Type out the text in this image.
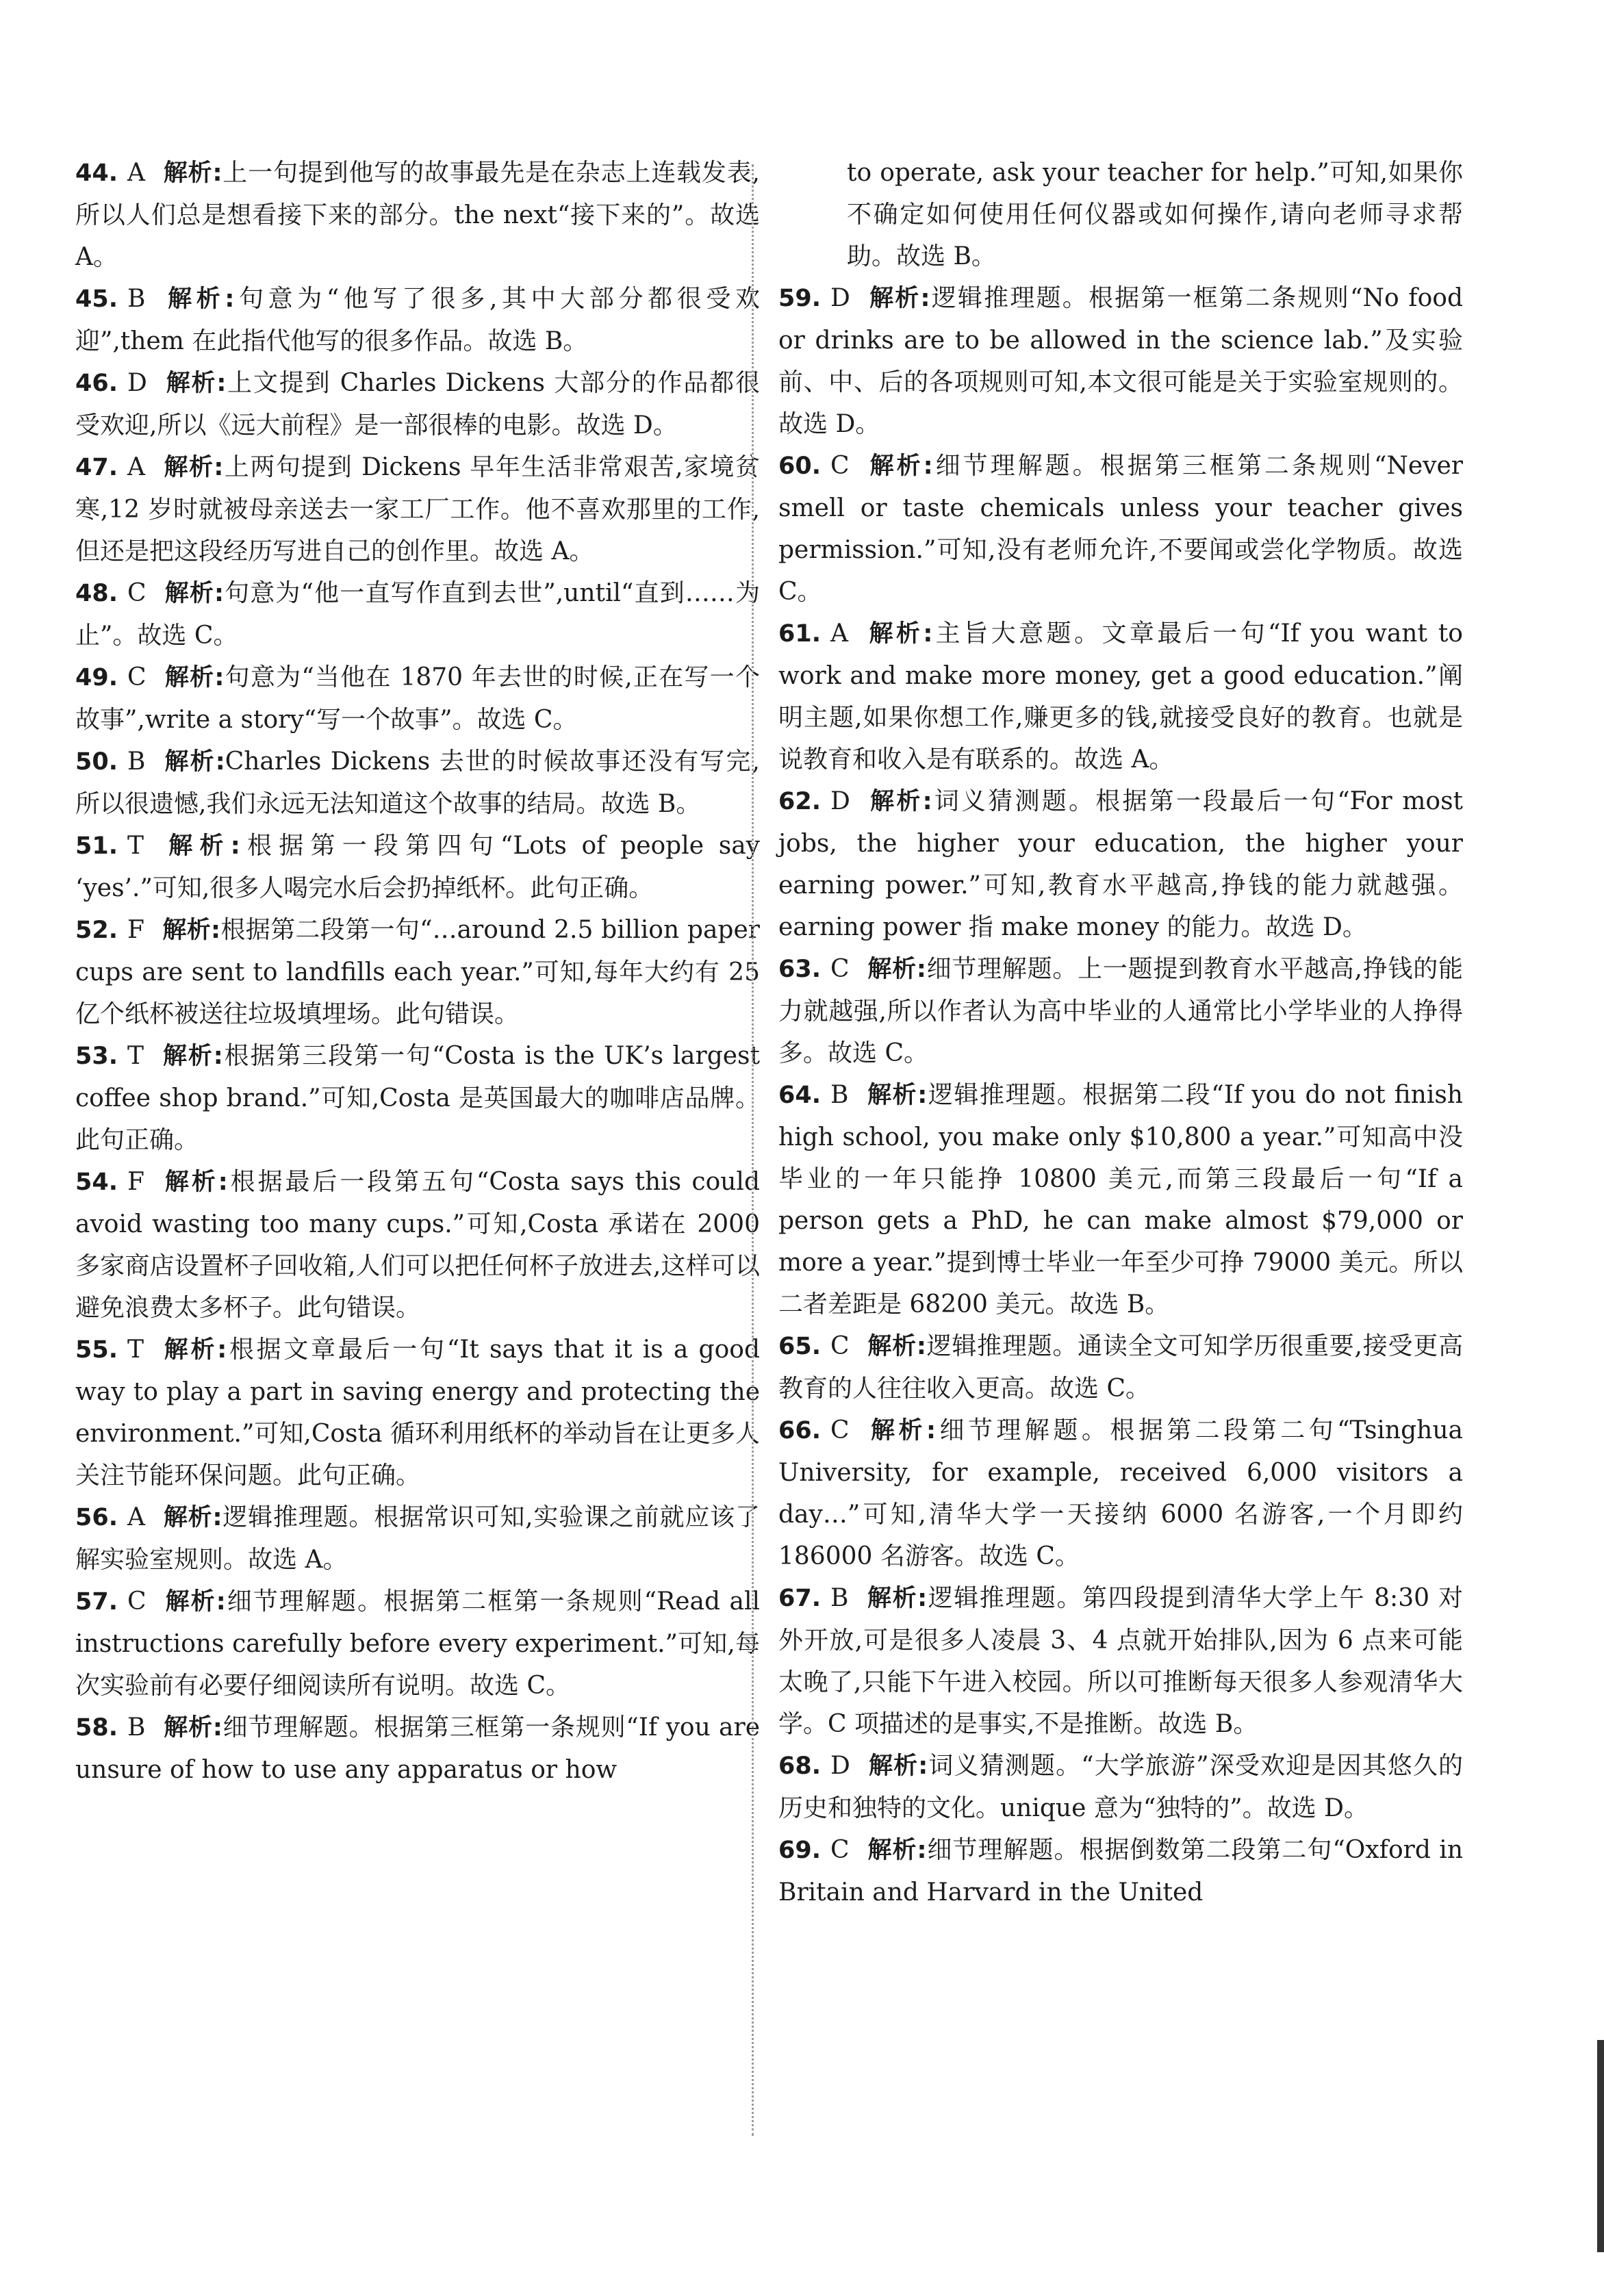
44. A 解析:上一句提到他写的故事最先是在杂志上连载发表,所以人们总是想看接下来的部分。the next“接下来的”。故选 A。
45. B 解析:句意为“他写了很多,其中大部分都很受欢迎”,them 在此指代他写的很多作品。故选 B。
46. D 解析:上文提到 Charles Dickens 大部分的作品都很受欢迎,所以《远大前程》是一部很棒的电影。故选 D。
47. A 解析:上两句提到 Dickens 早年生活非常艰苦,家境贫寒,12 岁时就被母亲送去一家工厂工作。他不喜欢那里的工作,但还是把这段经历写进自己的创作里。故选 A。
48. C 解析:句意为“他一直写作直到去世”,until“直到……为止”。故选 C。
49. C 解析:句意为“当他在 1870 年去世的时候,正在写一个故事”,write a story“写一个故事”。故选 C。
50. B 解析:Charles Dickens 去世的时候故事还没有写完,所以很遗憾,我们永远无法知道这个故事的结局。故选 B。
51. T 解析:根据第一段第四句“Lots of people say ‘yes’.”可知,很多人喝完水后会扔掉纸杯。此句正确。
52. F 解析:根据第二段第一句“…around 2.5 billion paper cups are sent to landfills each year.”可知,每年大约有 25 亿个纸杯被送往垃圾填埋场。此句错误。
53. T 解析:根据第三段第一句“Costa is the UK’s largest coffee shop brand.”可知,Costa 是英国最大的咖啡店品牌。此句正确。
54. F 解析:根据最后一段第五句“Costa says this could avoid wasting too many cups.”可知,Costa 承诺在 2000 多家商店设置杯子回收箱,人们可以把任何杯子放进去,这样可以避免浪费太多杯子。此句错误。
55. T 解析:根据文章最后一句“It says that it is a good way to play a part in saving energy and protecting the environment.”可知,Costa 循环利用纸杯的举动旨在让更多人关注节能环保问题。此句正确。
56. A 解析:逻辑推理题。根据常识可知,实验课之前就应该了解实验室规则。故选 A。
57. C 解析:细节理解题。根据第二框第一条规则“Read all instructions carefully before every experiment.”可知,每次实验前有必要仔细阅读所有说明。故选 C。
58. B 解析:细节理解题。根据第三框第一条规则“If you are unsure of how to use any apparatus or how
to operate, ask your teacher for help.”可知,如果你不确定如何使用任何仪器或如何操作,请向老师寻求帮助。故选 B。
59. D 解析:逻辑推理题。根据第一框第二条规则“No food or drinks are to be allowed in the science lab.”及实验前、中、后的各项规则可知,本文很可能是关于实验室规则的。故选 D。
60. C 解析:细节理解题。根据第三框第二条规则“Never smell or taste chemicals unless your teacher gives permission.”可知,没有老师允许,不要闻或尝化学物质。故选 C。
61. A 解析:主旨大意题。文章最后一句“If you want to work and make more money, get a good education.”阐明主题,如果你想工作,赚更多的钱,就接受良好的教育。也就是说教育和收入是有联系的。故选 A。
62. D 解析:词义猜测题。根据第一段最后一句“For most jobs, the higher your education, the higher your earning power.”可知,教育水平越高,挣钱的能力就越强。earning power 指 make money 的能力。故选 D。
63. C 解析:细节理解题。上一题提到教育水平越高,挣钱的能力就越强,所以作者认为高中毕业的人通常比小学毕业的人挣得多。故选 C。
64. B 解析:逻辑推理题。根据第二段“If you do not finish high school, you make only $10,800 a year.”可知高中没毕业的一年只能挣 10800 美元,而第三段最后一句“If a person gets a PhD, he can make almost $79,000 or more a year.”提到博士毕业一年至少可挣 79000 美元。所以二者差距是 68200 美元。故选 B。
65. C 解析:逻辑推理题。通读全文可知学历很重要,接受更高教育的人往往收入更高。故选 C。
66. C 解析:细节理解题。根据第二段第二句“Tsinghua University, for example, received 6,000 visitors a day…”可知,清华大学一天接纳 6000 名游客,一个月即约 186000 名游客。故选 C。
67. B 解析:逻辑推理题。第四段提到清华大学上午 8:30 对外开放,可是很多人凌晨 3、4 点就开始排队,因为 6 点来可能太晚了,只能下午进入校园。所以可推断每天很多人参观清华大学。C 项描述的是事实,不是推断。故选 B。
68. D 解析:词义猜测题。“大学旅游”深受欢迎是因其悠久的历史和独特的文化。unique 意为“独特的”。故选 D。
69. C 解析:细节理解题。根据倒数第二段第二句“Oxford in Britain and Harvard in the United
